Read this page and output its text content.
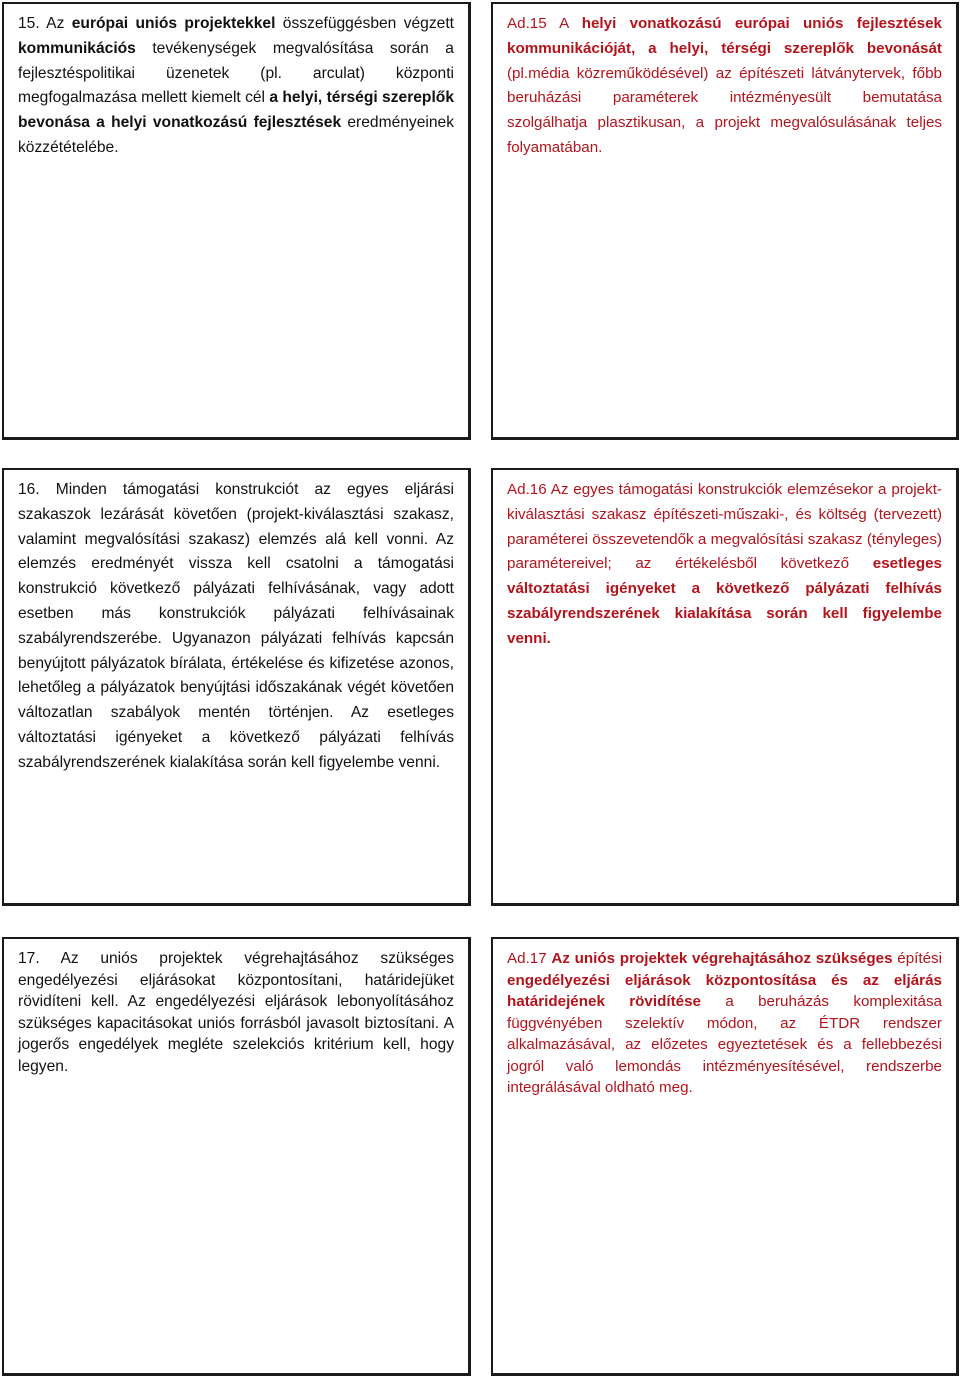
15. Az európai uniós projektekkel összefüggésben végzett kommunikációs tevékenységek megvalósítása során a fejlesztéspolitikai üzenetek (pl. arculat) központi megfogalmazása mellett kiemelt cél a helyi, térségi szereplők bevonása a helyi vonatkozású fejlesztések eredményeinek közzétételébe.

Ad.15 A helyi vonatkozású európai uniós fejlesztések kommunikációját, a helyi, térségi szereplők bevonását (pl.média közreműködésével) az építészeti látványtervek, főbb beruházási paraméterek intézményesült bemutatása szolgálhatja plasztikusan, a projekt megvalósulásának teljes folyamatában.

16. Minden támogatási konstrukciót az egyes eljárási szakaszok lezárását követően (projekt-kiválasztási szakasz, valamint megvalósítási szakasz) elemzés alá kell vonni. Az elemzés eredményét vissza kell csatolni a támogatási konstrukció következő pályázati felhívásának, vagy adott esetben más konstrukciók pályázati felhívásainak szabályrendszerébe. Ugyanazon pályázati felhívás kapcsán benyújtott pályázatok bírálata, értékelése és kifizetése azonos, lehetőleg a pályázatok benyújtási időszakának végét követően változatlan szabályok mentén történjen. Az esetleges változtatási igényeket a következő pályázati felhívás szabályrendszerének kialakítása során kell figyelembe venni.

Ad.16 Az egyes támogatási konstrukciók elemzésekor a projekt-kiválasztási szakasz építészeti-műszaki-, és költség (tervezett) paraméterei összevetendők a megvalósítási szakasz (tényleges) paramétereivel; az értékelésből következő esetleges változtatási igényeket a következő pályázati felhívás szabályrendszerének kialakítása során kell figyelembe venni.

17. Az uniós projektek végrehajtásához szükséges engedélyezési eljárásokat központosítani, határidejüket rövidíteni kell. Az engedélyezési eljárások lebonyolításához szükséges kapacitásokat uniós forrásból javasolt biztosítani. A jogerős engedélyek megléte szelekciós kritérium kell, hogy legyen.

Ad.17 Az uniós projektek végrehajtásához szükséges építési engedélyezési eljárások központosítása és az eljárás határidejének rövidítése a beruházás komplexitása függvényében szelektív módon, az ÉTDR rendszer alkalmazásával, az előzetes egyeztetések és a fellebbezési jogról való lemondás intézményesítésével, rendszerbe integrálásával oldható meg.
